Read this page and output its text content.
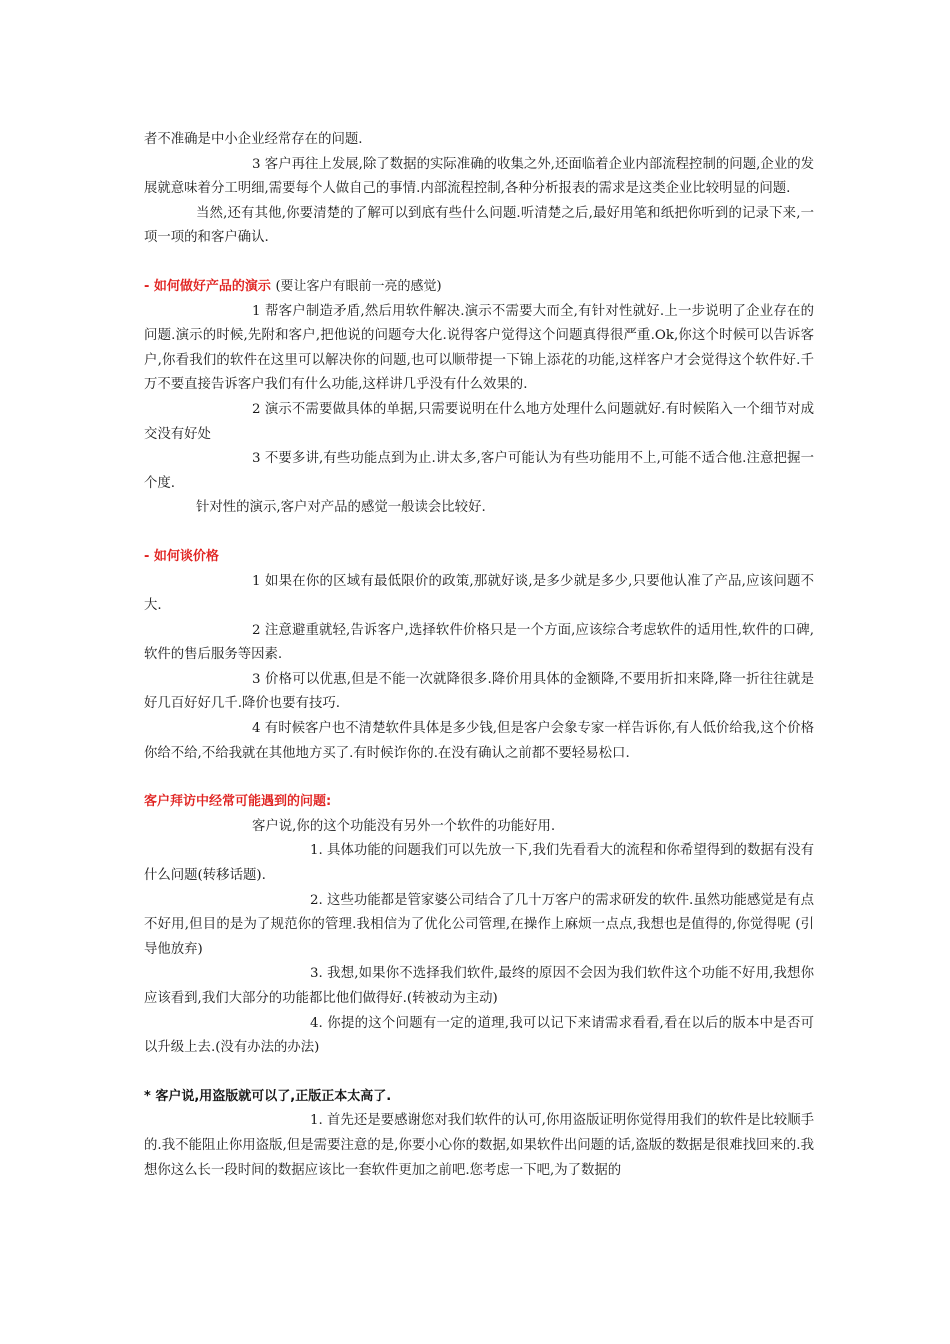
者不准确是中小企业经常存在的问题.

3 客户再往上发展,除了数据的实际准确的收集之外,还面临着企业内部流程控制的问题,企业的发展就意味着分工明细,需要每个人做自己的事情.内部流程控制,各种分析报表的需求是这类企业比较明显的问题.

当然,还有其他,你要清楚的了解可以到底有些什么问题.听清楚之后,最好用笔和纸把你听到的记录下来,一项一项的和客户确认.

- 如何做好产品的演示 (要让客户有眼前一亮的感觉)

1 帮客户制造矛盾,然后用软件解决.演示不需要大而全,有针对性就好.上一步说明了企业存在的问题.演示的时候,先附和客户,把他说的问题夸大化.说得客户觉得这个问题真得很严重.Ok,你这个时候可以告诉客户,你看我们的软件在这里可以解决你的问题,也可以顺带提一下锦上添花的功能,这样客户才会觉得这个软件好.千万不要直接告诉客户我们有什么功能,这样讲几乎没有什么效果的.

2 演示不需要做具体的单据,只需要说明在什么地方处理什么问题就好.有时候陷入一个细节对成交没有好处

3 不要多讲,有些功能点到为止.讲太多,客户可能认为有些功能用不上,可能不适合他.注意把握一个度.

针对性的演示,客户对产品的感觉一般读会比较好.

- 如何谈价格

1 如果在你的区域有最低限价的政策,那就好谈,是多少就是多少,只要他认准了产品,应该问题不大.

2 注意避重就轻,告诉客户,选择软件价格只是一个方面,应该综合考虑软件的适用性,软件的口碑,软件的售后服务等因素.

3 价格可以优惠,但是不能一次就降很多.降价用具体的金额降,不要用折扣来降,降一折往往就是好几百好好几千.降价也要有技巧.

4 有时候客户也不清楚软件具体是多少钱,但是客户会象专家一样告诉你,有人低价给我,这个价格你给不给,不给我就在其他地方买了.有时候诈你的.在没有确认之前都不要轻易松口.

客户拜访中经常可能遇到的问题:

客户说,你的这个功能没有另外一个软件的功能好用.

1. 具体功能的问题我们可以先放一下,我们先看看大的流程和你希望得到的数据有没有什么问题(转移话题).

2. 这些功能都是管家婆公司结合了几十万客户的需求研发的软件.虽然功能感觉是有点不好用,但目的是为了规范你的管理.我相信为了优化公司管理,在操作上麻烦一点点,我想也是值得的,你觉得呢 (引导他放弃)

3. 我想,如果你不选择我们软件,最终的原因不会因为我们软件这个功能不好用,我想你应该看到,我们大部分的功能都比他们做得好.(转被动为主动)

4. 你提的这个问题有一定的道理,我可以记下来请需求看看,看在以后的版本中是否可以升级上去.(没有办法的办法)

* 客户说,用盗版就可以了,正版正本太高了.

1. 首先还是要感谢您对我们软件的认可,你用盗版证明你觉得用我们的软件是比较顺手的.我不能阻止你用盗版,但是需要注意的是,你要小心你的数据,如果软件出问题的话,盗版的数据是很难找回来的.我想你这么长一段时间的数据应该比一套软件更加之前吧.您考虑一下吧,为了数据的
